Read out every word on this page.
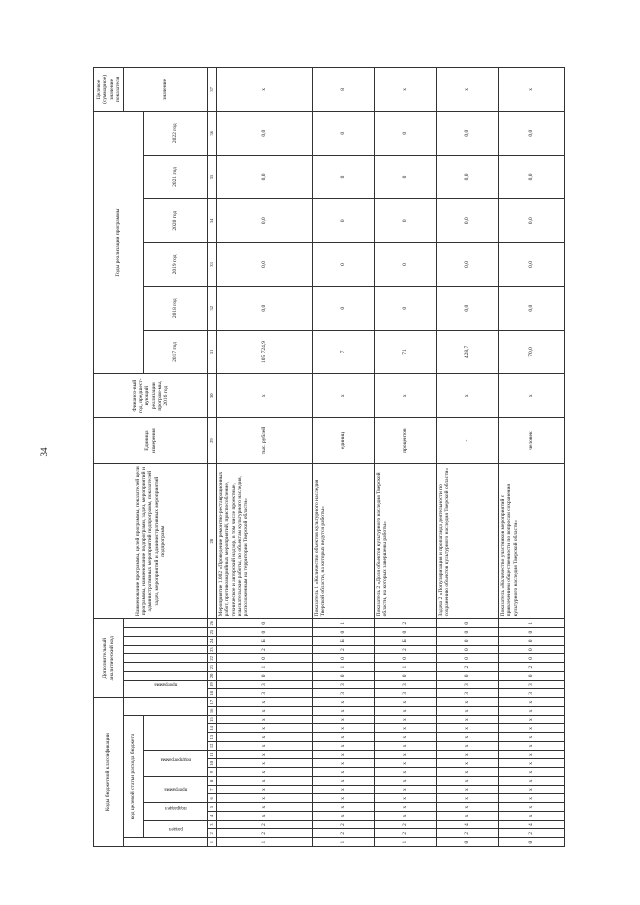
34
Коды бюджетной классификации																	Дополнительный аналитический код									Наименование программы, целей программы, показателей цели программы, наименование подпрограмм, задач, мероприятий и административных мероприятий подпрограмм, показателей задач, мероприятий и административных мероприятий подпрограмм	Единица измерения	Финансо-вый год, предшест-вующий реализации програм-мы, 2016 год	Годы реализации программы						Целевое (суммарное) значение показателя
	код целевой статьи расхода бюджета																программа																		значение
	раздел		подраздел		программа			подпрограмма																					2017 год	2018 год	2019 год	2020 год	2021 год	2022 год	
1	2	3	4	5	6	7	8	9	10	11	12	13	14	15	16	17	18	19	20	21	22	23	24	25	26	28	29	30	31	32	33	34	35	36	37
1	2	2	х	х	х	х	х	х	х	х	х	х	х	х	х	х	3	3	0	1	0	2	Б	0	0	Мероприятие 1.002 «Проведение ремонтно-реставрационных работ, противоаварийных мероприятий, приспособление, техническое и авторский надзор, в том числе проектные, изыскательские работы, по объектам культурного наследия, расположенным на территории Тверской области»	тыс. рублей	х	105 724,9	0,0	0,0	0,0	0,0	0,0	х
1	2	2	х	х	х	х	х	х	х	х	х	х	х	х	х	х	3	3	0	1	0	2	Б	0	1	Показатель 1 «Количество объектов культурного наследия Тверской области, на которых ведутся работы»	единиц	х	7	0	0	0	0	0	8
1	2	2	х	х	х	х	х	х	х	х	х	х	х	х	х	х	3	3	0	1	0	2	Б	0	2	Показатель 2 «Доля объектов культурного наследия Тверской области, на которых завершены работы»	процентов	х	71	0	0	0	0	0	х
0	2	4	х	х	х	х	х	х	х	х	х	х	х	х	х	х	3	3	0	2	0	0	0	0	0	Задача 2 «Популяризация и пропаганда деятельности по сохранению объектов культурного наследия Тверской области»	-	х	428,7	0,0	0,0	0,0	0,0	0,0	х
0	2	4	х	х	х	х	х	х	х	х	х	х	х	х	х	х	3	3	0	2	0	0	0	0	1	Показатель «Количество участников мероприятий с привлечением общественности по вопросам сохранения культурного наследия Тверской области»	человек	х	70,0	0,0	0,0	0,0	0,0	0,0	х
